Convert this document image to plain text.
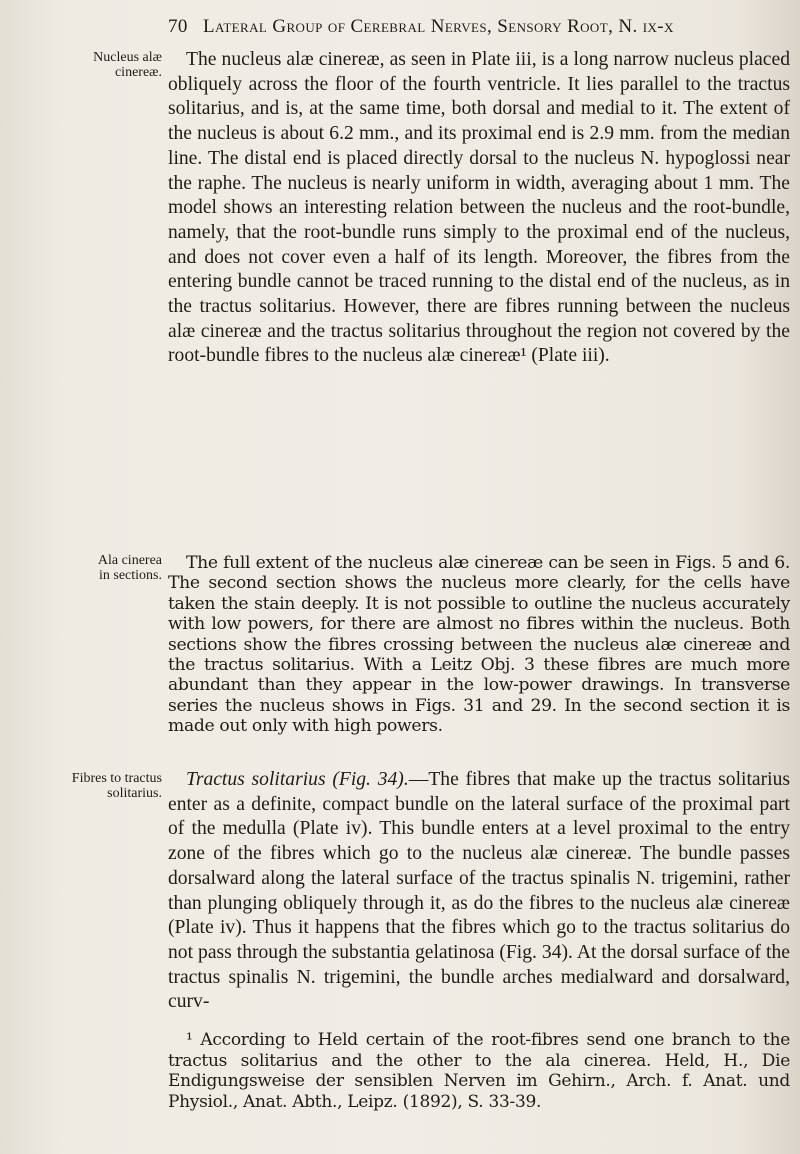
70 Lateral Group of Cerebral Nerves, Sensory Root, N. ix-x
Nucleus alæ
cinereæ.
Ala cinerea
in sections.
Fibres to tractus
solitarius.

The nucleus alæ cinereæ, as seen in Plate iii, is a long narrow nucleus placed obliquely across the floor of the fourth ventricle. It lies parallel to the tractus solitarius, and is, at the same time, both dorsal and medial to it. The extent of the nucleus is about 6.2 mm., and its proximal end is 2.9 mm. from the median line. The distal end is placed directly dorsal to the nucleus N. hypoglossi near the raphe. The nucleus is nearly uniform in width, averaging about 1 mm. The model shows an interesting relation between the nucleus and the root-bundle, namely, that the root-bundle runs simply to the proximal end of the nucleus, and does not cover even a half of its length. Moreover, the fibres from the entering bundle cannot be traced running to the distal end of the nucleus, as in the tractus solitarius. However, there are fibres running between the nucleus alæ cinereæ and the tractus solitarius throughout the region not covered by the root-bundle fibres to the nucleus alæ cinereæ¹ (Plate iii).

The full extent of the nucleus alæ cinereæ can be seen in Figs. 5 and 6. The second section shows the nucleus more clearly, for the cells have taken the stain deeply. It is not possible to outline the nucleus accurately with low powers, for there are almost no fibres within the nucleus. Both sections show the fibres crossing between the nucleus alæ cinereæ and the tractus solitarius. With a Leitz Obj. 3 these fibres are much more abundant than they appear in the low-power drawings. In transverse series the nucleus shows in Figs. 31 and 29. In the second section it is made out only with high powers.

Tractus solitarius (Fig. 34).—The fibres that make up the tractus solitarius enter as a definite, compact bundle on the lateral surface of the proximal part of the medulla (Plate iv). This bundle enters at a level proximal to the entry zone of the fibres which go to the nucleus alæ cinereæ. The bundle passes dorsalward along the lateral surface of the tractus spinalis N. trigemini, rather than plunging obliquely through it, as do the fibres to the nucleus alæ cinereæ (Plate iv). Thus it happens that the fibres which go to the tractus solitarius do not pass through the substantia gelatinosa (Fig. 34). At the dorsal surface of the tractus spinalis N. trigemini, the bundle arches medialward and dorsalward, curv-

¹ According to Held certain of the root-fibres send one branch to the tractus solitarius and the other to the ala cinerea. Held, H., Die Endigungsweise der sensiblen Nerven im Gehirn., Arch. f. Anat. und Physiol., Anat. Abth., Leipz. (1892), S. 33-39.
